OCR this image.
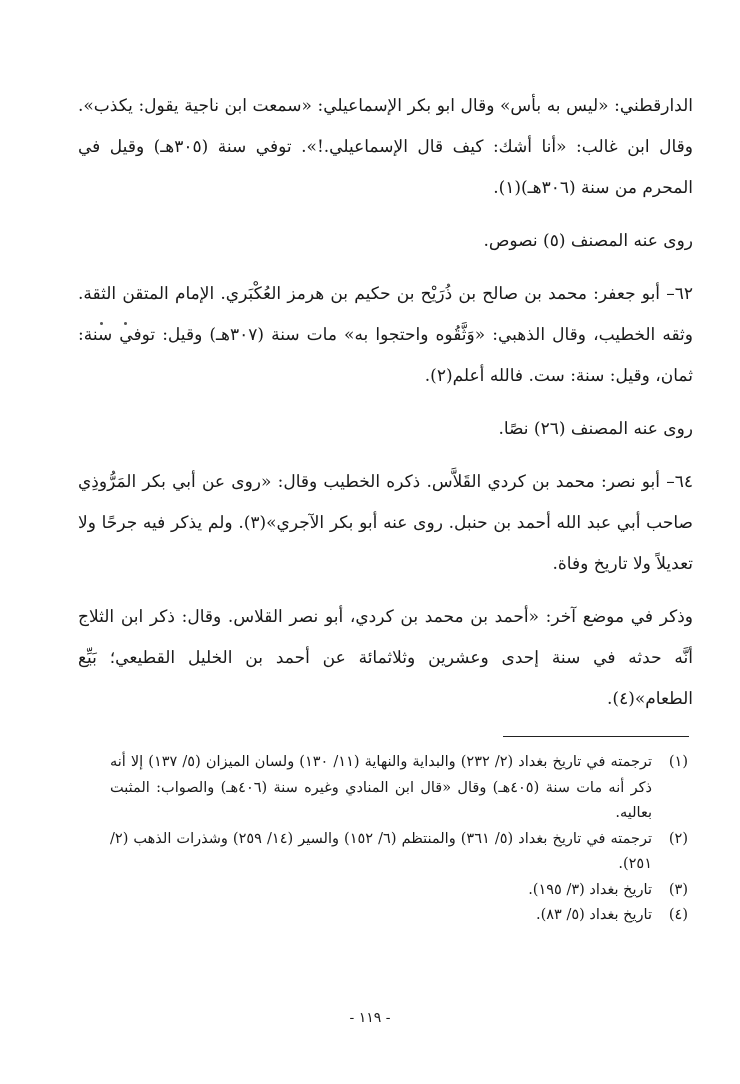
الدارقطني: «ليس به بأس» وقال ابو بكر الإسماعيلي: «سمعت ابن ناجية يقول: يكذب». وقال ابن غالب: «أنا أشك: كيف قال الإسماعيلي.!». توفي سنة (٣٠٥هـ) وقيل في المحرم من سنة (٣٠٦هـ)(١).

روى عنه المصنف (٥) نصوص.

٦٢– أبو جعفر: محمد بن صالح بن ذُرَيْح بن حكيم بن هرمز العُكْبَري. الإمام المتقن الثقة. وثقه الخطيب، وقال الذهبي: «وَثَّقُوه واحتجوا به» مات سنة (٣٠٧هـ) وقيل: توفي سنة: ثمان، وقيل: سنة: ست. فالله أعلم(٢).

روى عنه المصنف (٢٦) نصًا.

٦٤– أبو نصر: محمد بن كردي القَلاَّس. ذكره الخطيب وقال: «روى عن أبي بكر المَرُّوذِي صاحب أبي عبد الله أحمد بن حنبل. روى عنه أبو بكر الآجري»(٣). ولم يذكر فيه جرحًا ولا تعديلاً ولا تاريخ وفاة.

وذكر في موضع آخر: «أحمد بن محمد بن كردي، أبو نصر القلاس. وقال: ذكر ابن الثلاج أنَّه حدثه في سنة إحدى وعشرين وثلاثمائة عن أحمد بن الخليل القطيعي؛ بَيِّع الطعام»(٤).

(١)
ترجمته في تاريخ بغداد (٢/ ٢٣٢) والبداية والنهاية (١١/ ١٣٠) ولسان الميزان (٥/ ١٣٧) إلا أنه ذكر أنه مات سنة (٤٠٥هـ) وقال «قال ابن المنادي وغيره سنة (٤٠٦هـ) والصواب: المثبت بعاليه.
(٢)
ترجمته في تاريخ بغداد (٥/ ٣٦١) والمنتظم (٦/ ١٥٢) والسير (١٤/ ٢٥٩) وشذرات الذهب (٢/ ٢٥١).
(٣)
تاريخ بغداد (٣/ ١٩٥).
(٤)
تاريخ بغداد (٥/ ٨٣).
- ١١٩ -
